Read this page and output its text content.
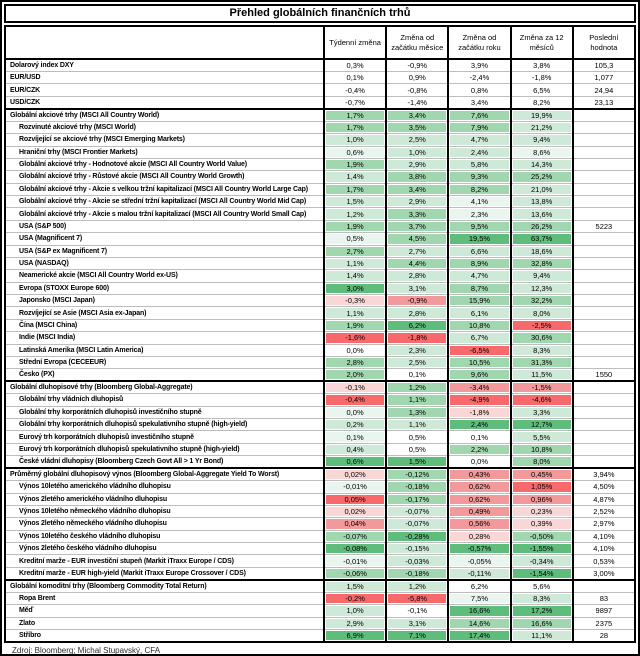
Přehled globálních finančních trhů
	Týdenní změna	Změna od začátku měsíce	Změna od začátku roku	Změna za 12 měsíců	Poslední hodnota
Dolarový index DXY	0,3%	-0,9%	3,9%	3,8%	105,3
EUR/USD	0,1%	0,9%	-2,4%	-1,8%	1,077
EUR/CZK	-0,4%	-0,8%	0,8%	6,5%	24,94
USD/CZK	-0,7%	-1,4%	3,4%	8,2%	23,13
Globální akciové trhy (MSCI All Country World)	1,7%	3,4%	7,6%	19,9%	
Rozvinuté akciové trhy (MSCI World)	1,7%	3,5%	7,9%	21,2%	
Rozvíjející se akciové trhy (MSCI Emerging Markets)	1,0%	2,5%	4,7%	9,4%	
Hraniční trhy (MSCI Frontier Markets)	0,6%	1,0%	2,4%	8,6%	
Globální akciové trhy - Hodnotové akcie (MSCI All Country World Value)	1,9%	2,9%	5,8%	14,3%	
Globální akciové trhy - Růstové akcie (MSCI All Country World Growth)	1,4%	3,8%	9,3%	25,2%	
Globální akciové trhy - Akcie s velkou tržní kapitalizací (MSCI All Country World Large Cap)	1,7%	3,4%	8,2%	21,0%	
Globální akciové trhy - Akcie se střední tržní kapitalizací (MSCI All Country World Mid Cap)	1,5%	2,9%	4,1%	13,8%	
Globální akciové trhy - Akcie s malou tržní kapitalizací (MSCI All Country World Small Cap)	1,2%	3,3%	2,3%	13,6%	
USA (S&P 500)	1,9%	3,7%	9,5%	26,2%	5223
USA (Magnificent 7)	0,5%	4,5%	19,5%	63,7%	
USA (S&P ex Magnificent 7)	2,7%	2,7%	6,6%	18,6%	
USA (NASDAQ)	1,1%	4,4%	8,9%	32,8%	
Neamerické akcie (MSCI All Country World ex-US)	1,4%	2,8%	4,7%	9,4%	
Evropa (STOXX Europe 600)	3,0%	3,1%	8,7%	12,3%	
Japonsko (MSCI Japan)	-0,3%	-0,9%	15,9%	32,2%	
Rozvíjející se Asie (MSCI Asia ex-Japan)	1,1%	2,8%	6,1%	8,0%	
Čína (MSCI China)	1,9%	6,2%	10,8%	-2,5%	
Indie (MSCI India)	-1,6%	-1,8%	6,7%	30,6%	
Latinská Amerika (MSCI Latin America)	0,0%	2,3%	-6,5%	8,3%	
Střední Evropa (CECEEUR)	2,8%	2,5%	10,5%	31,3%	
Česko (PX)	2,0%	0,1%	9,6%	11,5%	1550
Globální dluhopisové trhy (Bloomberg Global-Aggregate)	-0,1%	1,2%	-3,4%	-1,5%	
Globální trhy vládních dluhopisů	-0,4%	1,1%	-4,9%	-4,6%	
Globální trhy korporátních dluhopisů investičního stupně	0,0%	1,3%	-1,8%	3,3%	
Globální trhy korporátních dluhopisů spekulativního stupně (high-yield)	0,2%	1,1%	2,4%	12,7%	
Eurový trh korporátních dluhopisů investičního stupně	0,1%	0,5%	0,1%	5,5%	
Eurový trh korporátních dluhopisů spekulativního stupně (high-yield)	0,4%	0,5%	2,2%	10,8%	
České vládní dluhopisy (Bloomberg Czech Govt All > 1 Yr Bond)	0,6%	1,5%	0,0%	8,0%	
Průměrný globální dluhopisový výnos (Bloomberg Global-Aggregate Yield To Worst)	0,02%	-0,12%	0,43%	0,45%	3,94%
Výnos 10letého amerického vládního dluhopisu	-0,01%	-0,18%	0,62%	1,05%	4,50%
Výnos 2letého amerického vládního dluhopisu	0,05%	-0,17%	0,62%	0,96%	4,87%
Výnos 10letého německého vládního dluhopisu	0,02%	-0,07%	0,49%	0,23%	2,52%
Výnos 2letého německého vládního dluhopisu	0,04%	-0,07%	0,56%	0,39%	2,97%
Výnos 10letého českého vládního dluhopisu	-0,07%	-0,28%	0,28%	-0,50%	4,10%
Výnos 2letého českého vládního dluhopisu	-0,08%	-0,15%	-0,57%	-1,55%	4,10%
Kreditní marže - EUR investiční stupeň (Markit iTraxx Europe / CDS)	-0,01%	-0,03%	-0,05%	-0,34%	0,53%
Kreditní marže - EUR high-yield (Markit iTraxx Europe Crossover / CDS)	-0,06%	-0,18%	-0,11%	-1,54%	3,00%
Globální komoditní trhy (Bloomberg Commodity Total Return)	1,5%	1,2%	6,2%	5,6%	
Ropa Brent	-0,2%	-5,8%	7,5%	8,3%	83
Měď	1,0%	-0,1%	16,6%	17,2%	9897
Zlato	2,9%	3,1%	14,6%	16,6%	2375
Stříbro	6,9%	7,1%	17,4%	11,1%	28
Zdroj: Bloomberg; Michal Stupavský, CFA
